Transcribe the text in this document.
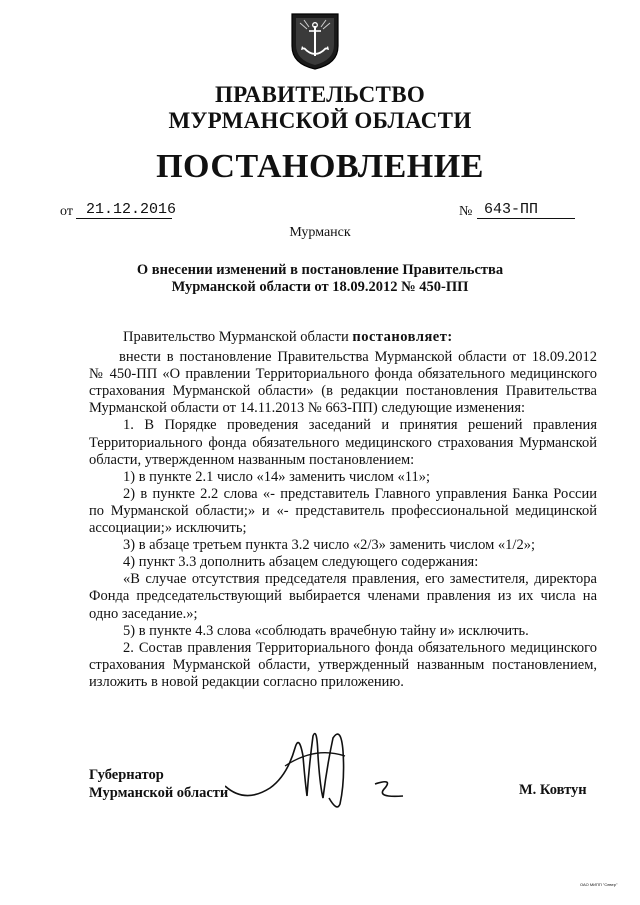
ПРАВИТЕЛЬСТВО
МУРМАНСКОЙ ОБЛАСТИ
ПОСТАНОВЛЕНИЕ
от 21.12.2016	№ 643-ПП
Мурманск
О внесении изменений в постановление Правительства
Мурманской области от 18.09.2012 № 450-ПП

Правительство Мурманской области постановляет:

внести в постановление Правительства Мурманской области от 18.09.2012 № 450-ПП «О правлении Территориального фонда обязательного медицинского страхования Мурманской области» (в редакции постановления Правительства Мурманской области от 14.11.2013 № 663-ПП) следующие изменения:

1. В Порядке проведения заседаний и принятия решений правления Территориального фонда обязательного медицинского страхования Мурманской области, утвержденном названным постановлением:

1) в пункте 2.1 число «14» заменить числом «11»;

2) в пункте 2.2 слова «- представитель Главного управления Банка России по Мурманской области;» и «- представитель профессиональной медицинской ассоциации;» исключить;

3) в абзаце третьем пункта 3.2 число «2/3» заменить числом «1/2»;

4) пункт 3.3 дополнить абзацем следующего содержания:

«В случае отсутствия председателя правления, его заместителя, директора Фонда председательствующий выбирается членами правления из их числа на одно заседание.»;

5) в пункте 4.3 слова «соблюдать врачебную тайну и» исключить.

2. Состав правления Территориального фонда обязательного медицинского страхования Мурманской области, утвержденный названным постановлением, изложить в новой редакции согласно приложению.

Губернатор
Мурманской области	М. Ковтун
ОАО МИПП "Север"
